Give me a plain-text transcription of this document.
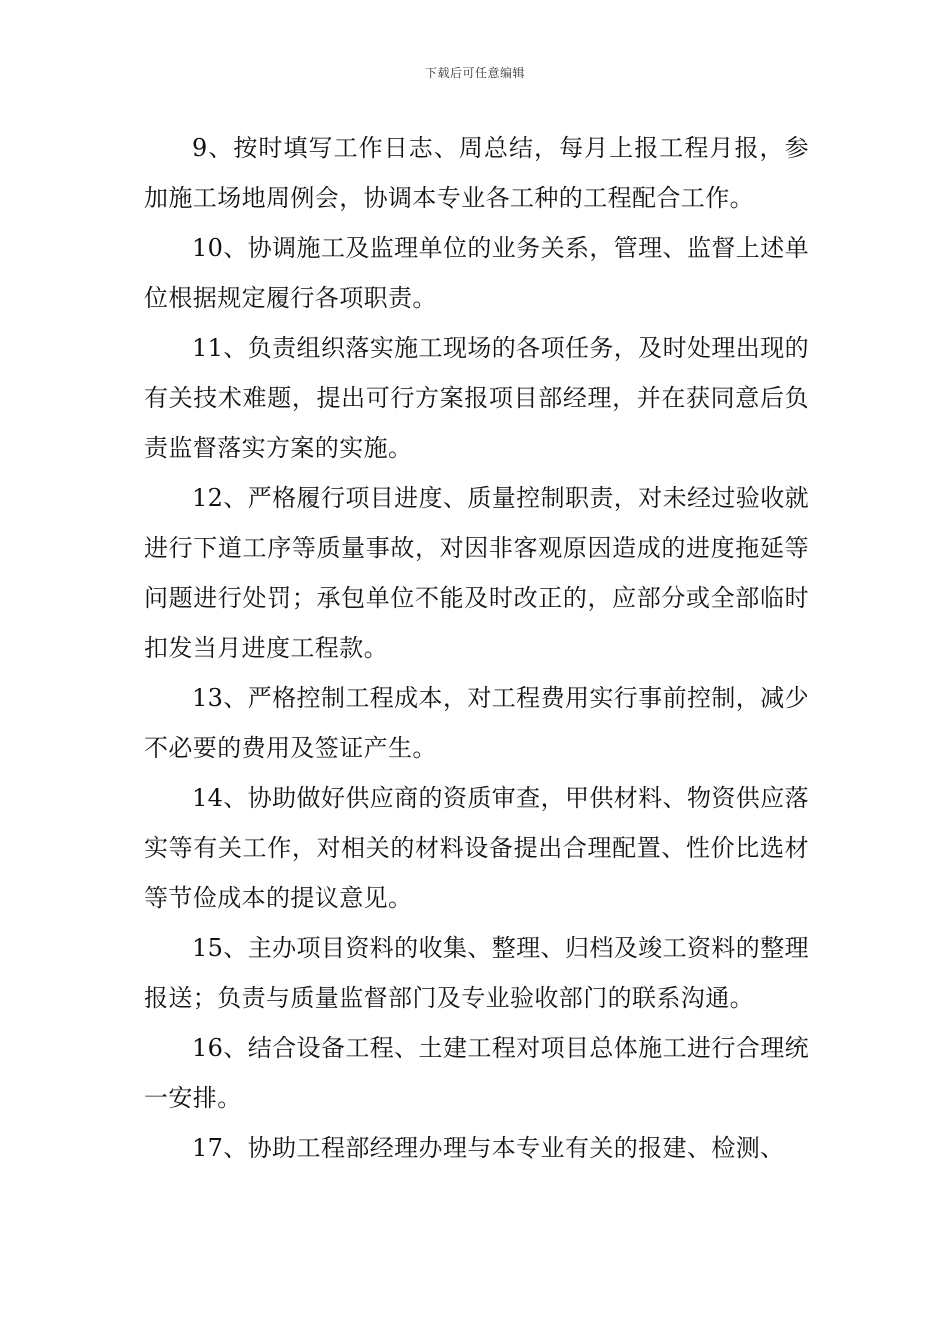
下载后可任意编辑

9、按时填写工作日志、周总结，每月上报工程月报，参加施工场地周例会，协调本专业各工种的工程配合工作。

10、协调施工及监理单位的业务关系，管理、监督上述单位根据规定履行各项职责。

11、负责组织落实施工现场的各项任务，及时处理出现的有关技术难题，提出可行方案报项目部经理，并在获同意后负责监督落实方案的实施。

12、严格履行项目进度、质量控制职责，对未经过验收就进行下道工序等质量事故，对因非客观原因造成的进度拖延等问题进行处罚；承包单位不能及时改正的，应部分或全部临时扣发当月进度工程款。

13、严格控制工程成本，对工程费用实行事前控制，减少不必要的费用及签证产生。

14、协助做好供应商的资质审查，甲供材料、物资供应落实等有关工作，对相关的材料设备提出合理配置、性价比选材等节俭成本的提议意见。

15、主办项目资料的收集、整理、归档及竣工资料的整理报送；负责与质量监督部门及专业验收部门的联系沟通。

16、结合设备工程、土建工程对项目总体施工进行合理统一安排。

17、协助工程部经理办理与本专业有关的报建、检测、
